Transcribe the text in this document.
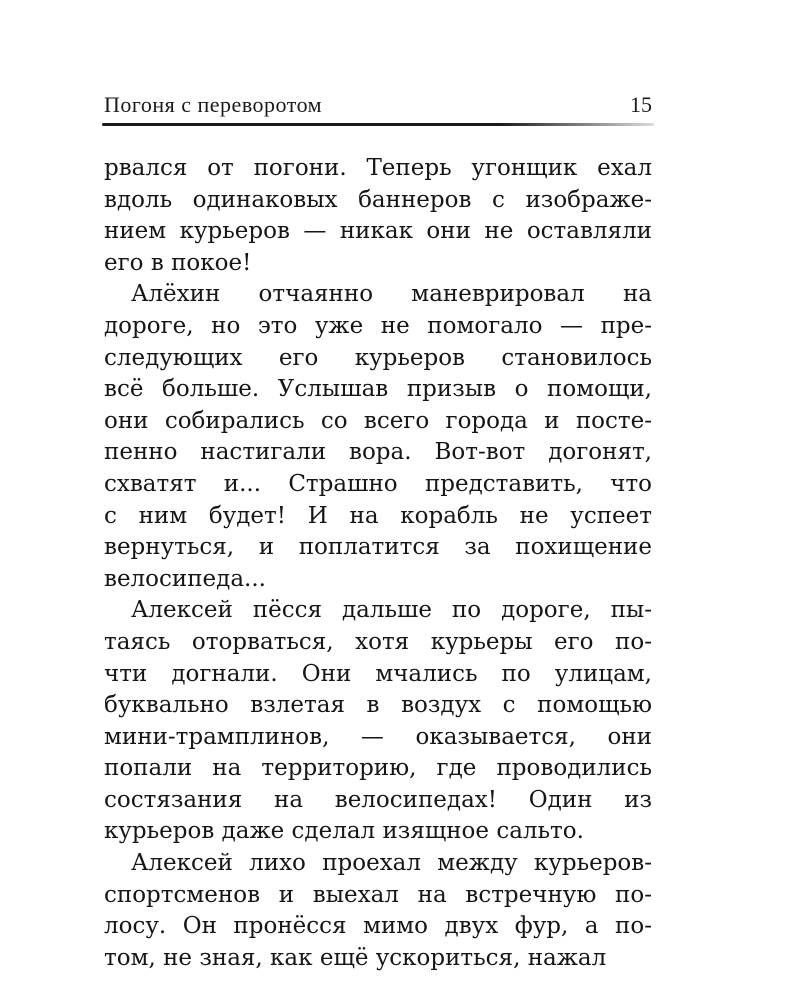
Погоня с переворотом	15
рвался от погони. Теперь угонщик ехал
вдоль одинаковых баннеров с изображе-
нием курьеров — никак они не оставляли
его в покое!
Алёхин отчаянно маневрировал на
дороге, но это уже не помогало — пре-
следующих его курьеров становилось
всё больше. Услышав призыв о помощи,
они собирались со всего города и посте-
пенно настигали вора. Вот-вот догонят,
схватят и... Страшно представить, что
с ним будет! И на корабль не успеет
вернуться, и поплатится за похищение
велосипеда...
Алексей пёсся дальше по дороге, пы-
таясь оторваться, хотя курьеры его по-
чти догнали. Они мчались по улицам,
буквально взлетая в воздух с помощью
мини-трамплинов, — оказывается, они
попали на территорию, где проводились
состязания на велосипедах! Один из
курьеров даже сделал изящное сальто.
Алексей лихо проехал между курьеров-
спортсменов и выехал на встречную по-
лосу. Он пронёсся мимо двух фур, а по-
том, не зная, как ещё ускориться, нажал
